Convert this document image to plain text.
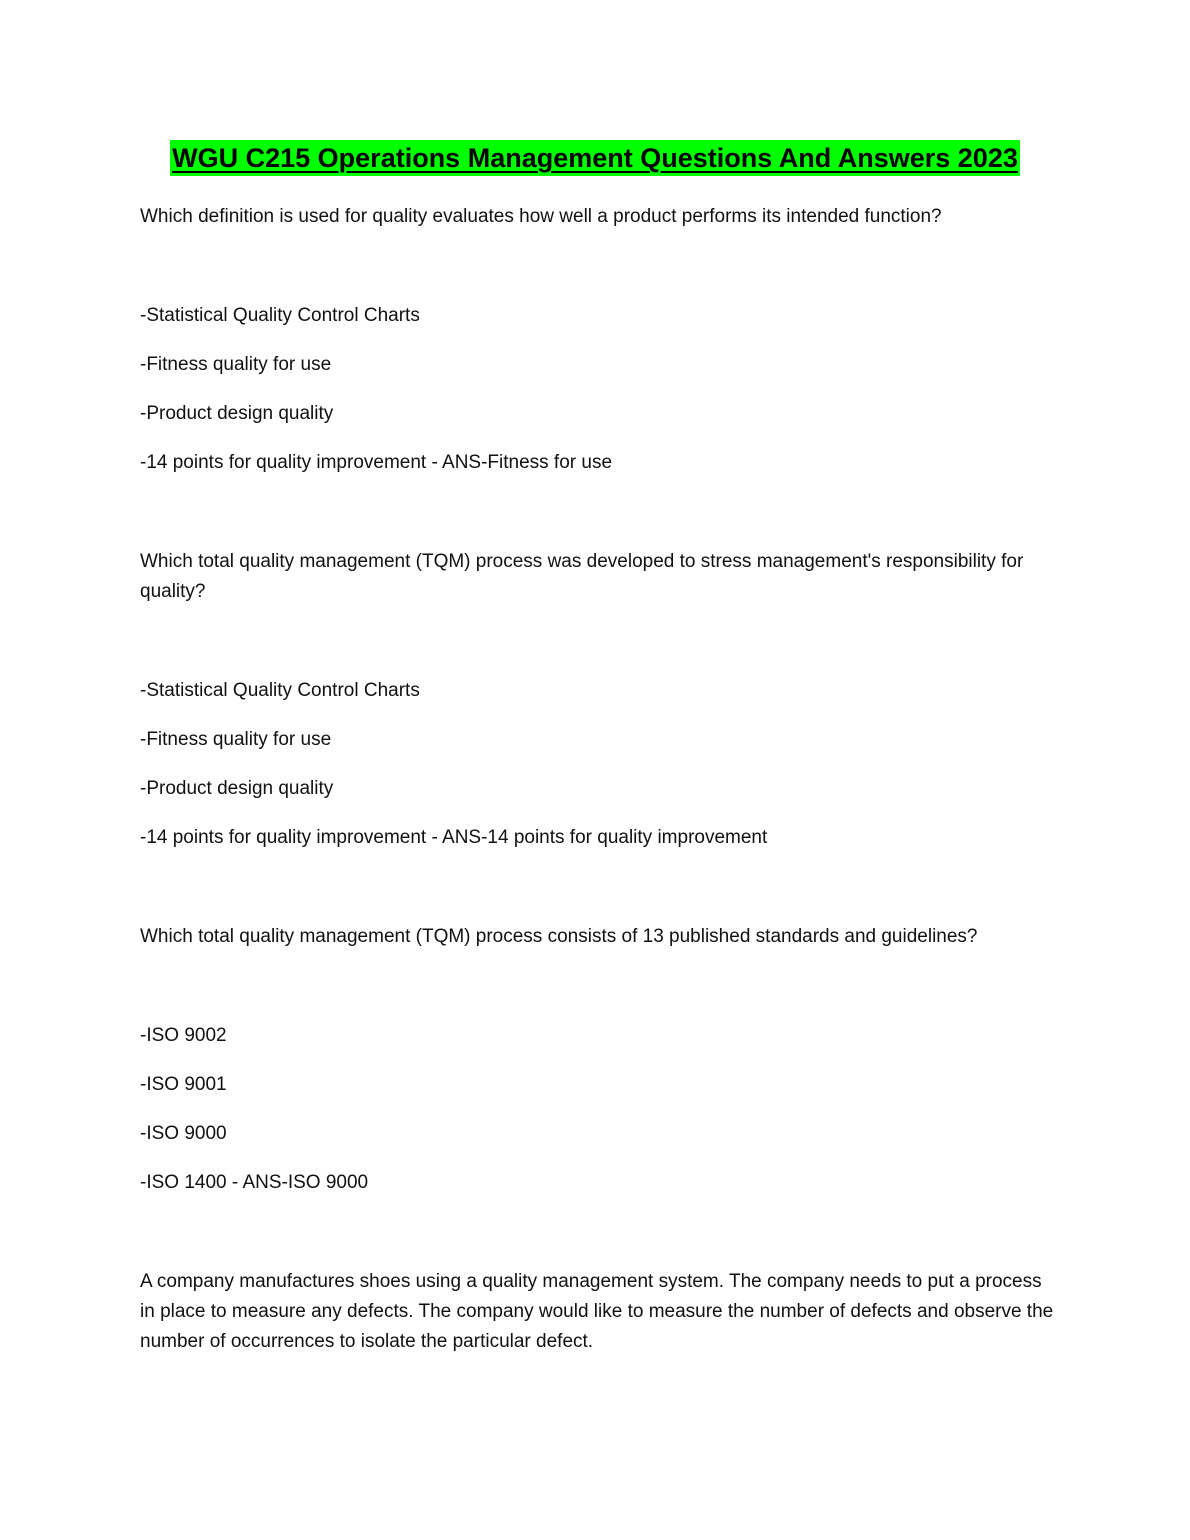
WGU C215 Operations Management Questions And Answers 2023

Which definition is used for quality evaluates how well a product performs its intended function?

-Statistical Quality Control Charts

-Fitness quality for use

-Product design quality

-14 points for quality improvement - ANS-Fitness for use

Which total quality management (TQM) process was developed to stress management's responsibility for quality?

-Statistical Quality Control Charts

-Fitness quality for use

-Product design quality

-14 points for quality improvement - ANS-14 points for quality improvement

Which total quality management (TQM) process consists of 13 published standards and guidelines?

-ISO 9002

-ISO 9001

-ISO 9000

-ISO 1400 - ANS-ISO 9000

A company manufactures shoes using a quality management system. The company needs to put a process in place to measure any defects. The company would like to measure the number of defects and observe the number of occurrences to isolate the particular defect.
